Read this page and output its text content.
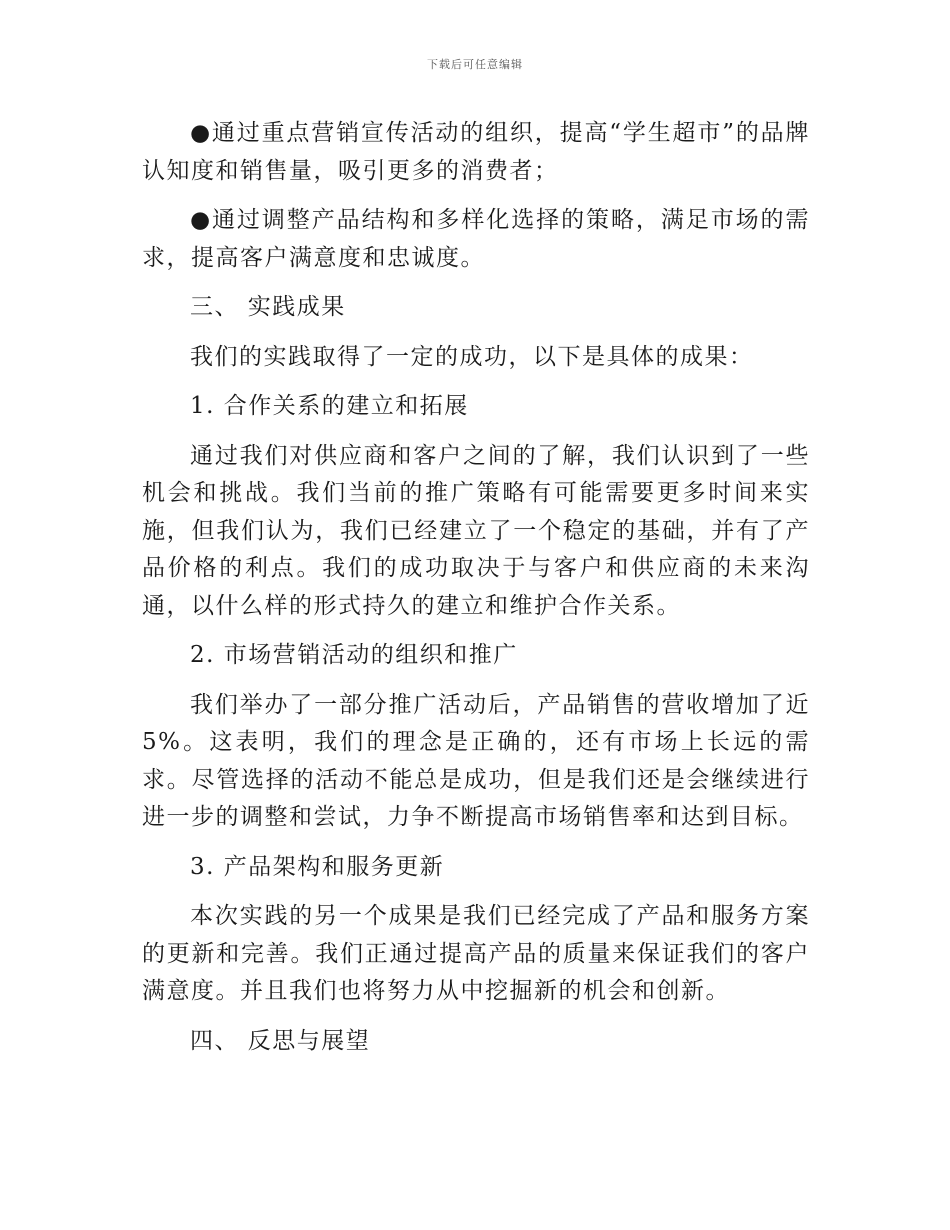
下载后可任意编辑

●通过重点营销宣传活动的组织，提高“学生超市”的品牌认知度和销售量，吸引更多的消费者；

●通过调整产品结构和多样化选择的策略，满足市场的需求，提高客户满意度和忠诚度。

三、 实践成果

我们的实践取得了一定的成功，以下是具体的成果：

1. 合作关系的建立和拓展

通过我们对供应商和客户之间的了解，我们认识到了一些机会和挑战。我们当前的推广策略有可能需要更多时间来实施，但我们认为，我们已经建立了一个稳定的基础，并有了产品价格的利点。我们的成功取决于与客户和供应商的未来沟通，以什么样的形式持久的建立和维护合作关系。

2. 市场营销活动的组织和推广

我们举办了一部分推广活动后，产品销售的营收增加了近5%。这表明，我们的理念是正确的，还有市场上长远的需求。尽管选择的活动不能总是成功，但是我们还是会继续进行进一步的调整和尝试，力争不断提高市场销售率和达到目标。

3. 产品架构和服务更新

本次实践的另一个成果是我们已经完成了产品和服务方案的更新和完善。我们正通过提高产品的质量来保证我们的客户满意度。并且我们也将努力从中挖掘新的机会和创新。

四、 反思与展望
